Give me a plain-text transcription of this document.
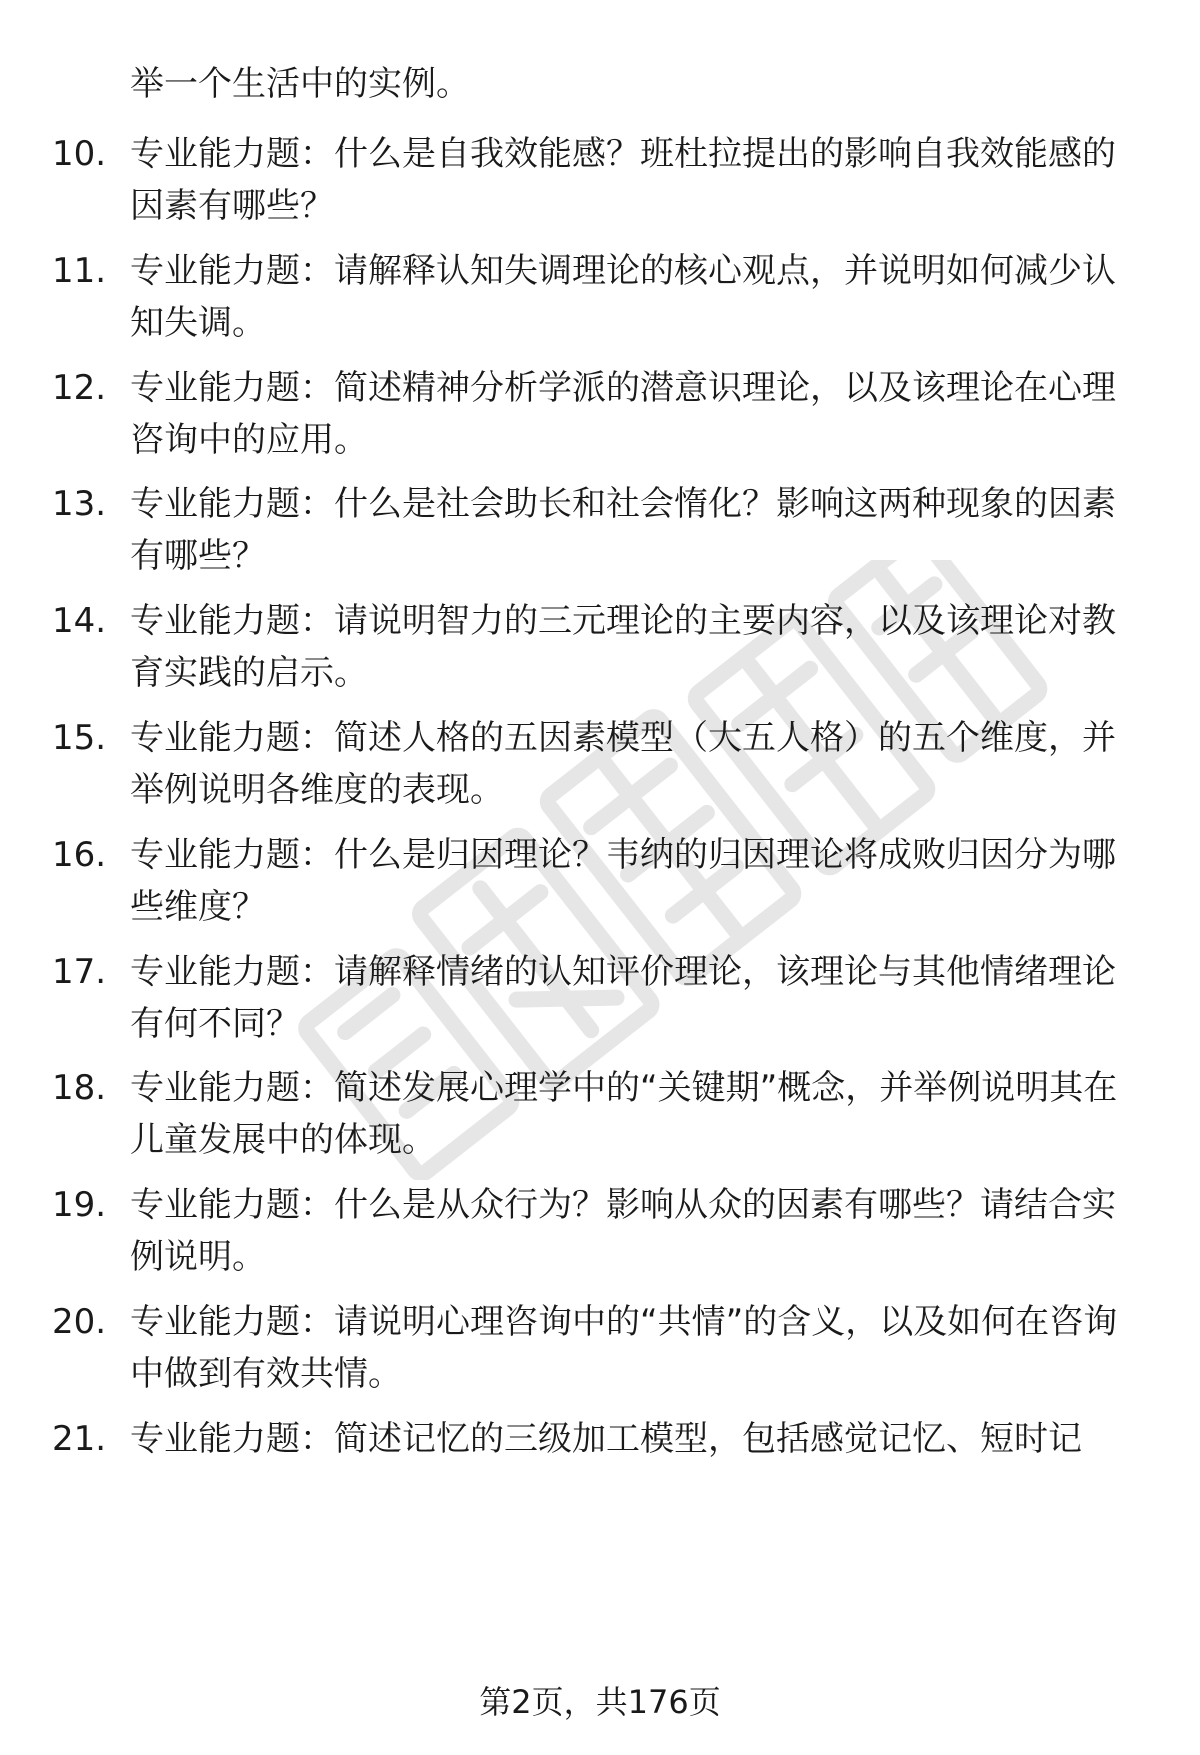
举一个生活中的实例。
10. 专业能力题：什么是自我效能感？班杜拉提出的影响自我效能感的因素有哪些？
11. 专业能力题：请解释认知失调理论的核心观点，并说明如何减少认知失调。
12. 专业能力题：简述精神分析学派的潜意识理论，以及该理论在心理咨询中的应用。
13. 专业能力题：什么是社会助长和社会惰化？影响这两种现象的因素有哪些？
14. 专业能力题：请说明智力的三元理论的主要内容，以及该理论对教育实践的启示。
15. 专业能力题：简述人格的五因素模型（大五人格）的五个维度，并举例说明各维度的表现。
16. 专业能力题：什么是归因理论？韦纳的归因理论将成败归因分为哪些维度？
17. 专业能力题：请解释情绪的认知评价理论，该理论与其他情绪理论有何不同？
18. 专业能力题：简述发展心理学中的“关键期”概念，并举例说明其在儿童发展中的体现。
19. 专业能力题：什么是从众行为？影响从众的因素有哪些？请结合实例说明。
20. 专业能力题：请说明心理咨询中的“共情”的含义，以及如何在咨询中做到有效共情。
21. 专业能力题：简述记忆的三级加工模型，包括感觉记忆、短时记
第2页，共176页
